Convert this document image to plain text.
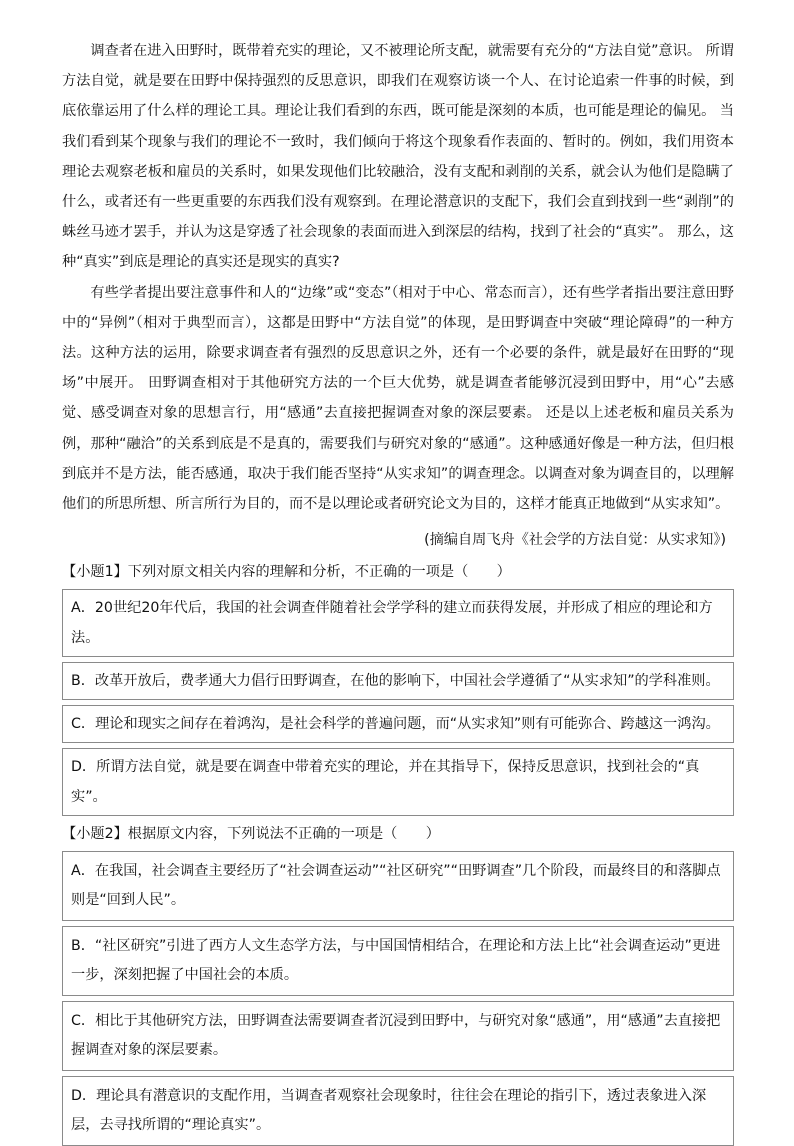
调查者在进入田野时，既带着充实的理论，又不被理论所支配，就需要有充分的“方法自觉”意识。 所谓方法自觉，就是要在田野中保持强烈的反思意识，即我们在观察访谈一个人、在讨论追索一件事的时候，到底依靠运用了什么样的理论工具。理论让我们看到的东西，既可能是深刻的本质，也可能是理论的偏见。 当我们看到某个现象与我们的理论不一致时，我们倾向于将这个现象看作表面的、暂时的。例如，我们用资本理论去观察老板和雇员的关系时，如果发现他们比较融洽，没有支配和剥削的关系，就会认为他们是隐瞒了什么，或者还有一些更重要的东西我们没有观察到。在理论潜意识的支配下，我们会直到找到一些“剥削”的蛛丝马迹才罢手，并认为这是穿透了社会现象的表面而进入到深层的结构，找到了社会的“真实”。 那么，这种“真实”到底是理论的真实还是现实的真实?

有些学者提出要注意事件和人的“边缘”或“变态”（相对于中心、常态而言），还有些学者指出要注意田野中的“异例”（相对于典型而言），这都是田野中“方法自觉”的体现，是田野调查中突破“理论障碍”的一种方法。这种方法的运用，除要求调查者有强烈的反思意识之外，还有一个必要的条件，就是最好在田野的“现场”中展开。 田野调查相对于其他研究方法的一个巨大优势，就是调查者能够沉浸到田野中，用“心”去感觉、感受调查对象的思想言行，用“感通”去直接把握调查对象的深层要素。 还是以上述老板和雇员关系为例，那种“融洽”的关系到底是不是真的，需要我们与研究对象的“感通”。这种感通好像是一种方法，但归根到底并不是方法，能否感通，取决于我们能否坚持“从实求知”的调查理念。以调查对象为调查目的，以理解他们的所思所想、所言所行为目的，而不是以理论或者研究论文为目的，这样才能真正地做到“从实求知”。

(摘编自周飞舟《社会学的方法自觉：从实求知》)

【小题1】下列对原文相关内容的理解和分析，不正确的一项是（　　）
A．20世纪20年代后，我国的社会调查伴随着社会学学科的建立而获得发展，并形成了相应的理论和方法。
B．改革开放后，费孝通大力倡行田野调查，在他的影响下，中国社会学遵循了“从实求知”的学科准则。
C．理论和现实之间存在着鸿沟，是社会科学的普遍问题，而“从实求知”则有可能弥合、跨越这一鸿沟。
D．所谓方法自觉，就是要在调查中带着充实的理论，并在其指导下，保持反思意识，找到社会的“真实”。
【小题2】根据原文内容，下列说法不正确的一项是（　　）
A．在我国，社会调查主要经历了“社会调查运动”“社区研究”“田野调查”几个阶段，而最终目的和落脚点则是“回到人民”。
B．“社区研究”引进了西方人文生态学方法，与中国国情相结合，在理论和方法上比“社会调查运动”更进一步，深刻把握了中国社会的本质。
C．相比于其他研究方法，田野调查法需要调查者沉浸到田野中，与研究对象“感通”，用“感通”去直接把握调查对象的深层要素。
D．理论具有潜意识的支配作用，当调查者观察社会现象时，往往会在理论的指引下，透过表象进入深层，去寻找所谓的“理论真实”。
